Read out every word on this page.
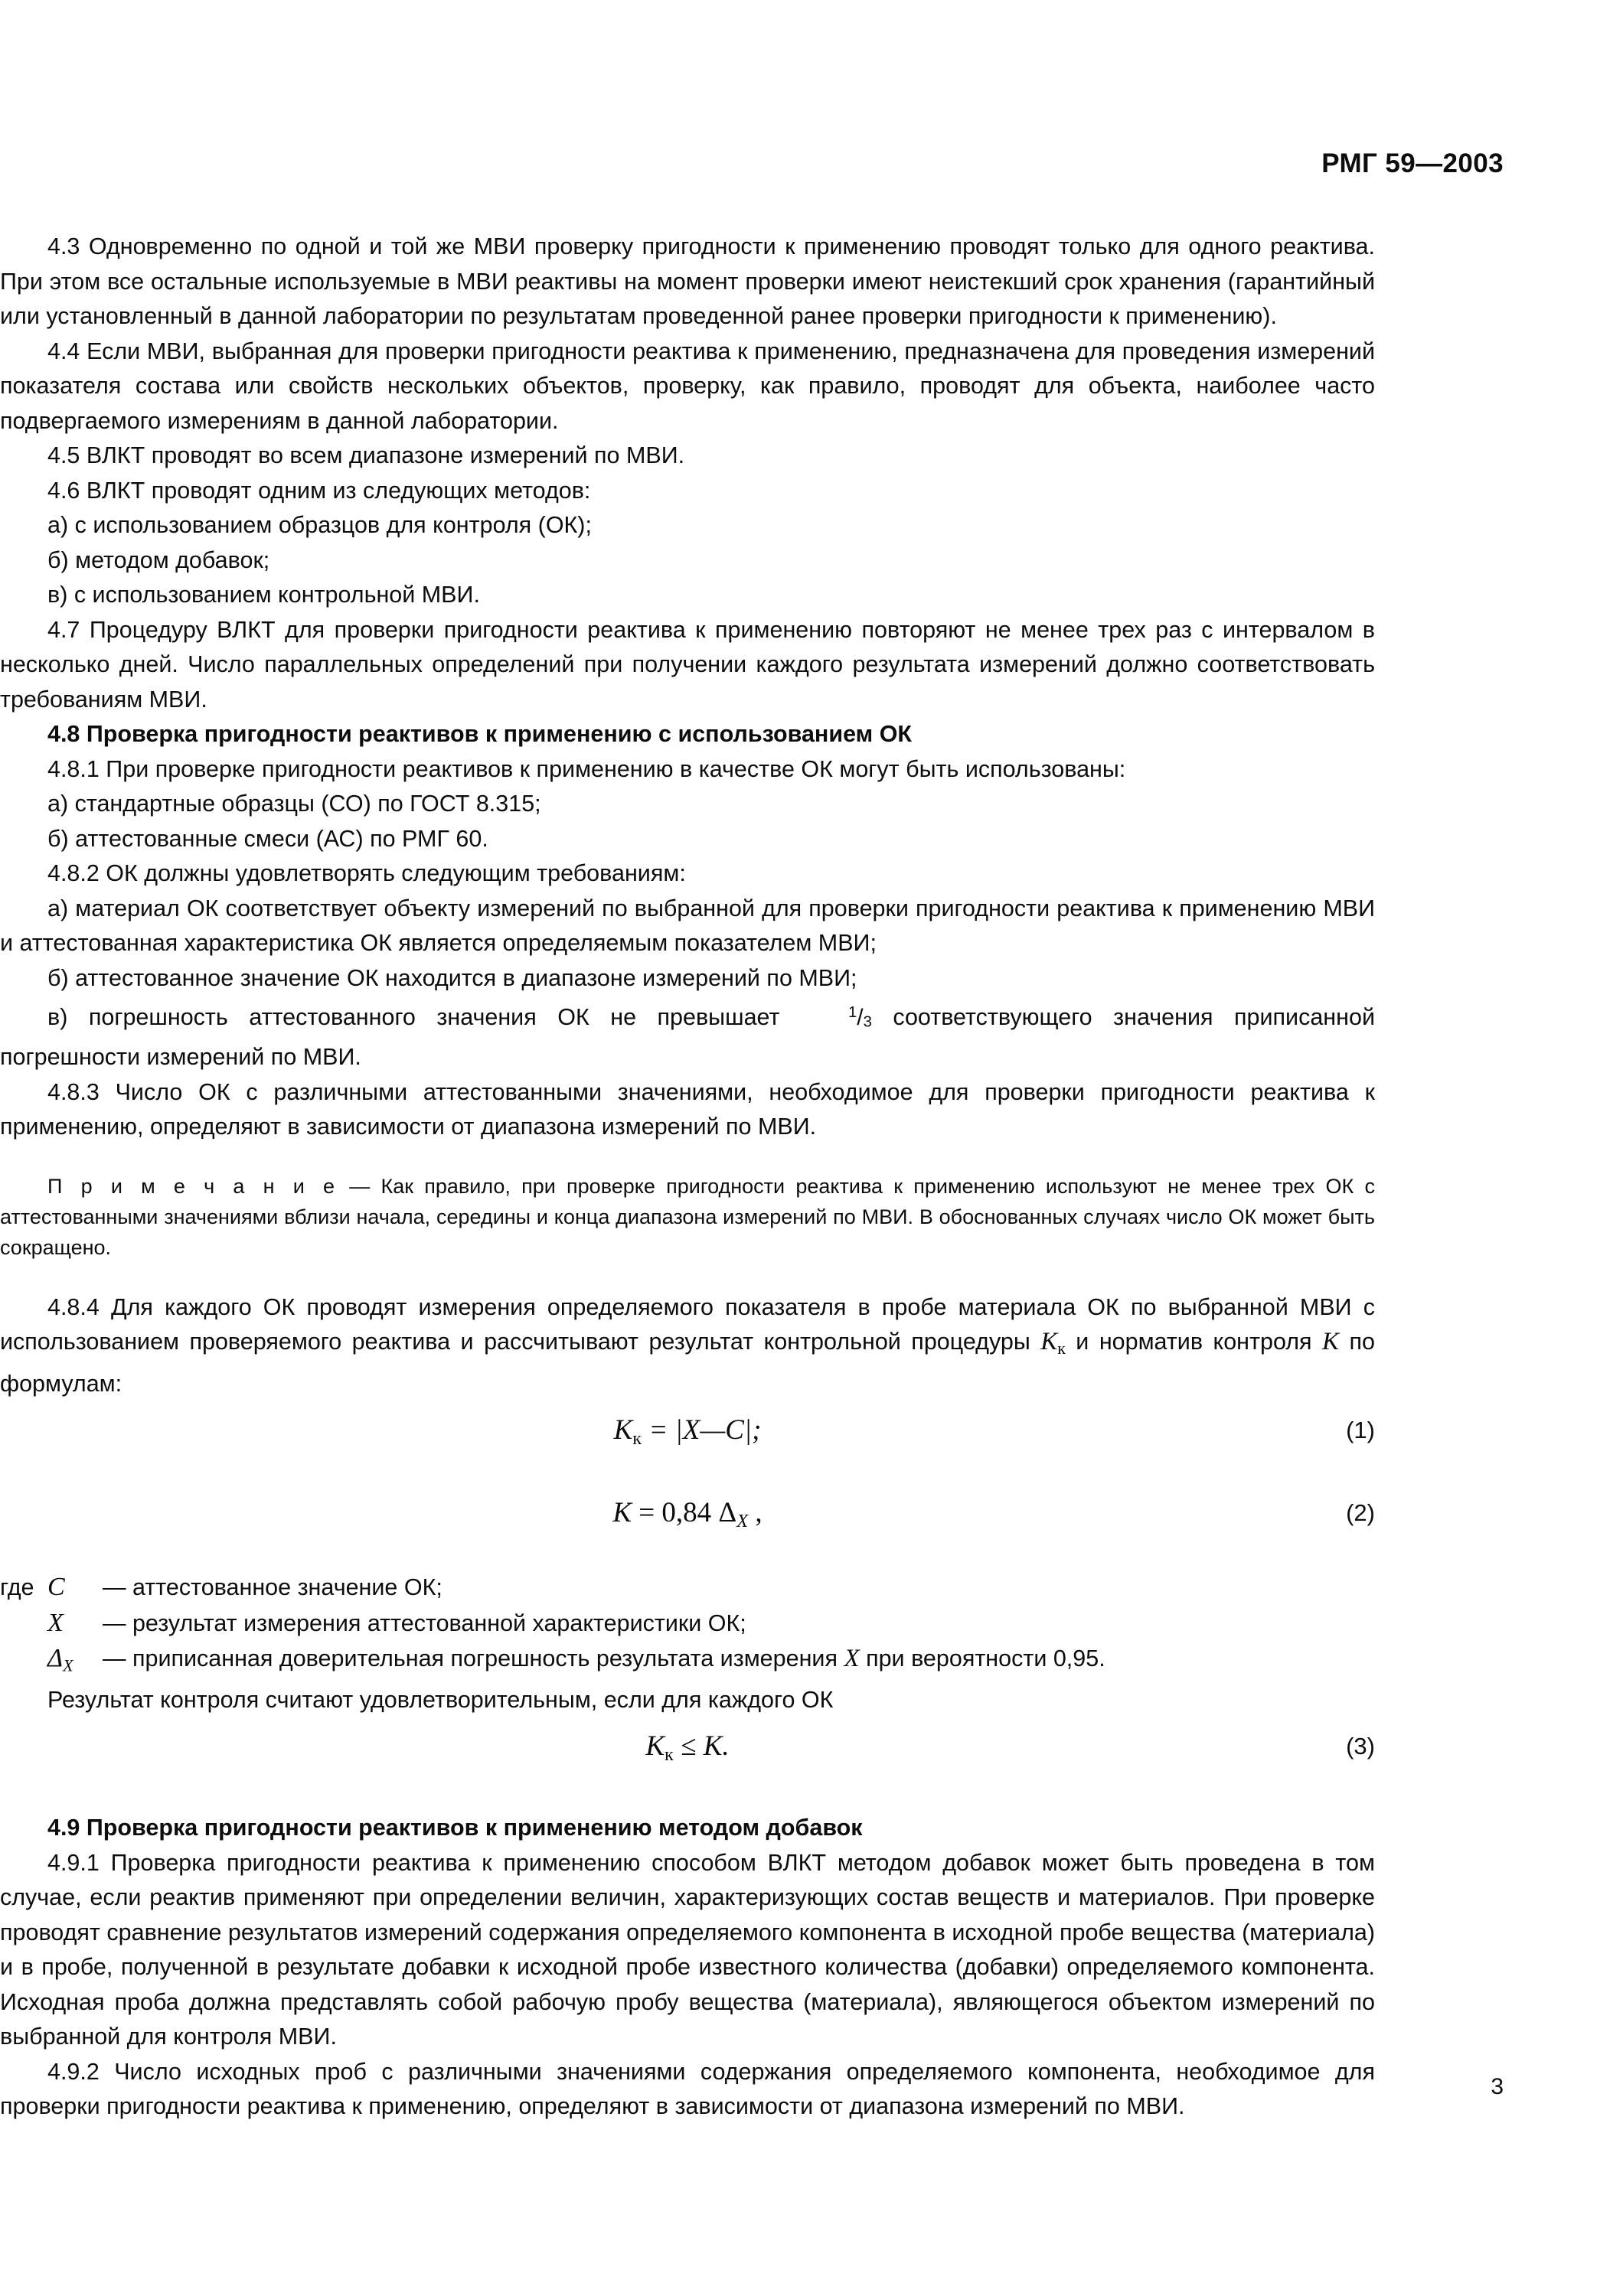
РМГ 59—2003

4.3 Одновременно по одной и той же МВИ проверку пригодности к применению проводят только для одного реактива. При этом все остальные используемые в МВИ реактивы на момент проверки имеют неистекший срок хранения (гарантийный или установленный в данной лаборатории по результатам проведенной ранее проверки пригодности к применению).

4.4 Если МВИ, выбранная для проверки пригодности реактива к применению, предназначена для проведения измерений показателя состава или свойств нескольких объектов, проверку, как правило, проводят для объекта, наиболее часто подвергаемого измерениям в данной лаборатории.

4.5 ВЛКТ проводят во всем диапазоне измерений по МВИ.

4.6 ВЛКТ проводят одним из следующих методов:

а) с использованием образцов для контроля (ОК);

б) методом добавок;

в) с использованием контрольной МВИ.

4.7 Процедуру ВЛКТ для проверки пригодности реактива к применению повторяют не менее трех раз с интервалом в несколько дней. Число параллельных определений при получении каждого результата измерений должно соответствовать требованиям МВИ.

4.8 Проверка пригодности реактивов к применению с использованием ОК

4.8.1 При проверке пригодности реактивов к применению в качестве ОК могут быть использованы:

а) стандартные образцы (СО) по ГОСТ 8.315;

б) аттестованные смеси (АС) по РМГ 60.

4.8.2 ОК должны удовлетворять следующим требованиям:

а) материал ОК соответствует объекту измерений по выбранной для проверки пригодности реактива к применению МВИ и аттестованная характеристика ОК является определяемым показателем МВИ;

б) аттестованное значение ОК находится в диапазоне измерений по МВИ;

в) погрешность аттестованного значения ОК не превышает	$^1/_3$ соответствующего значения приписанной погрешности измерений по МВИ.

4.8.3 Число ОК с различными аттестованными значениями, необходимое для проверки пригодности реактива к применению, определяют в зависимости от диапазона измерений по МВИ.

П р и м е ч а н и е — Как правило, при проверке пригодности реактива к применению используют не менее трех ОК с аттестованными значениями вблизи начала, середины и конца диапазона измерений по МВИ. В обоснованных случаях число ОК может быть сокращено.

4.8.4 Для каждого ОК проводят измерения определяемого показателя в пробе материала ОК по выбранной МВИ с использованием проверяемого реактива и рассчитывают результат контрольной процедуры $K_к$ и норматив контроля K по формулам:

$K_к$ = |X—C|;	(1)
K = 0,84 ΔX ,	(2)
где C — аттестованное значение ОК;
X — результат измерения аттестованной характеристики ОК;
ΔX — приписанная доверительная погрешность результата измерения X при вероятности 0,95.

Результат контроля считают удовлетворительным, если для каждого ОК

$K_к \le K$.	(3)

4.9 Проверка пригодности реактивов к применению методом добавок

4.9.1 Проверка пригодности реактива к применению способом ВЛКТ методом добавок может быть проведена в том случае, если реактив применяют при определении величин, характеризующих состав веществ и материалов. При проверке проводят сравнение результатов измерений содержания определяемого компонента в исходной пробе вещества (материала) и в пробе, полученной в результате добавки к исходной пробе известного количества (добавки) определяемого компонента. Исходная проба должна представлять собой рабочую пробу вещества (материала), являющегося объектом измерений по выбранной для контроля МВИ.

4.9.2 Число исходных проб с различными значениями содержания определяемого компонента, необходимое для проверки пригодности реактива к применению, определяют в зависимости от диапазона измерений по МВИ.

3
